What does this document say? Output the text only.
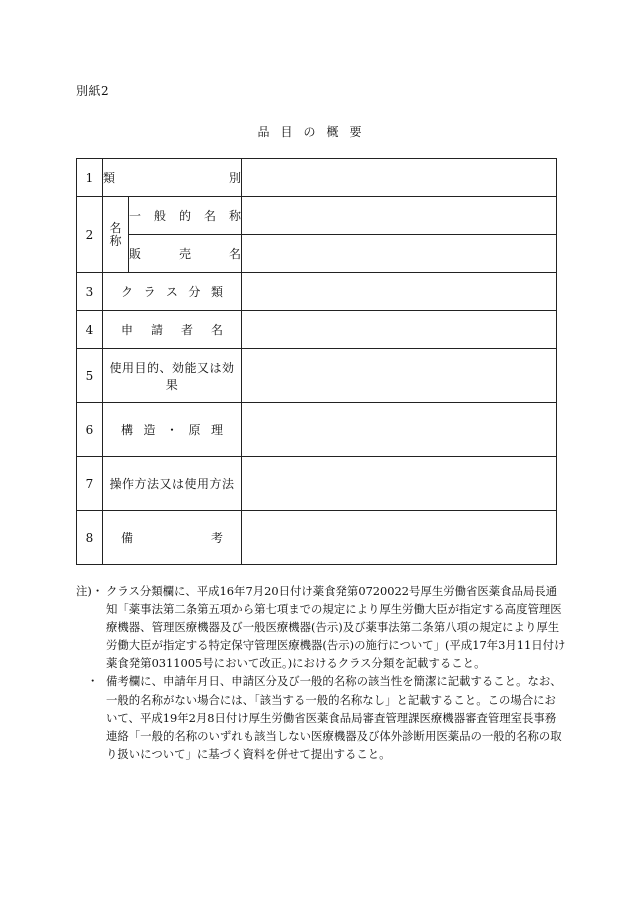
別紙2
品目の概要
1	類別		
2	名称	一般的名称	
		販売名	
3	クラス分類		
4	申請者名		
5	使用目的、効能又は効果		
6	構造・原理		
7	操作方法又は使用方法		
8	備考		
注)・ クラス分類欄に、平成16年7月20日付け薬食発第0720022号厚生労働省医薬食品局長通知「薬事法第二条第五項から第七項までの規定により厚生労働大臣が指定する高度管理医療機器、管理医療機器及び一般医療機器(告示)及び薬事法第二条第八項の規定により厚生労働大臣が指定する特定保守管理医療機器(告示)の施行について」(平成17年3月11日付け薬食発第0311005号において改正。)におけるクラス分類を記載すること。
・ 備考欄に、申請年月日、申請区分及び一般的名称の該当性を簡潔に記載すること。なお、一般的名称がない場合には、「該当する一般的名称なし」と記載すること。この場合において、平成19年2月8日付け厚生労働省医薬食品局審査管理課医療機器審査管理室長事務連絡「一般的名称のいずれも該当しない医療機器及び体外診断用医薬品の一般的名称の取り扱いについて」に基づく資料を併せて提出すること。
